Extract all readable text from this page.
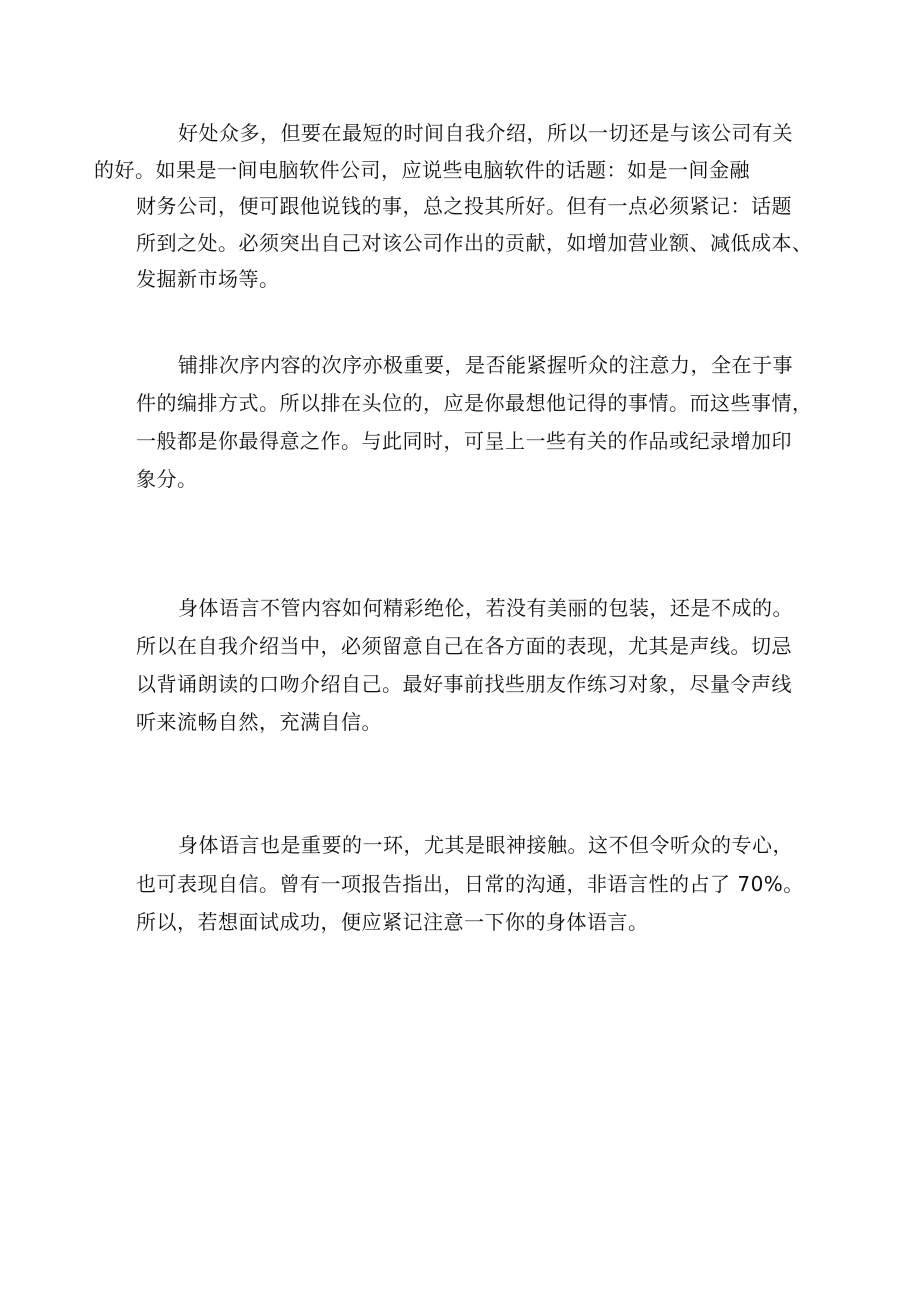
好处众多，但要在最短的时间自我介绍，所以一切还是与该公司有关
的好。如果是一间电脑软件公司，应说些电脑软件的话题：如是一间金融
财务公司，便可跟他说钱的事，总之投其所好。但有一点必须紧记：话题
所到之处。必须突出自己对该公司作出的贡献，如增加营业额、减低成本、
发掘新市场等。

铺排次序内容的次序亦极重要，是否能紧握听众的注意力，全在于事
件的编排方式。所以排在头位的，应是你最想他记得的事情。而这些事情，
一般都是你最得意之作。与此同时，可呈上一些有关的作品或纪录增加印
象分。

身体语言不管内容如何精彩绝伦，若没有美丽的包装，还是不成的。
所以在自我介绍当中，必须留意自己在各方面的表现，尤其是声线。切忌
以背诵朗读的口吻介绍自己。最好事前找些朋友作练习对象，尽量令声线
听来流畅自然，充满自信。

身体语言也是重要的一环，尤其是眼神接触。这不但令听众的专心，
也可表现自信。曾有一项报告指出，日常的沟通，非语言性的占了 70%。
所以，若想面试成功，便应紧记注意一下你的身体语言。
